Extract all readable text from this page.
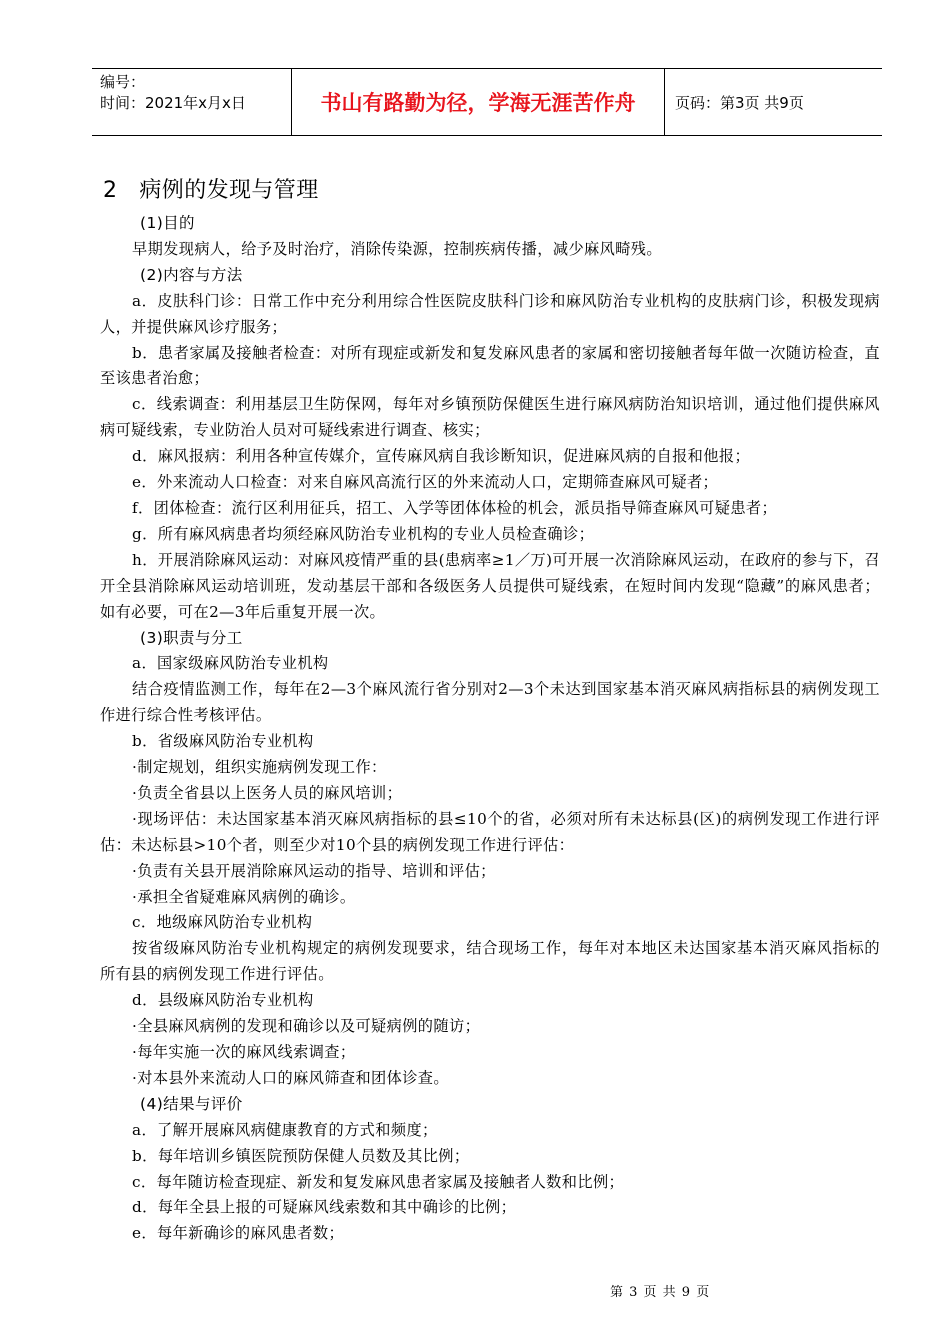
编号：
时间：2021年x月x日	书山有路勤为径，学海无涯苦作舟	页码：第3页 共9页
2 病例的发现与管理
(1)目的
早期发现病人，给予及时治疗，消除传染源，控制疾病传播，减少麻风畸残。
(2)内容与方法
a．皮肤科门诊：日常工作中充分利用综合性医院皮肤科门诊和麻风防治专业机构的皮肤病门诊，积极发现病人，并提供麻风诊疗服务；
b．患者家属及接触者检查：对所有现症或新发和复发麻风患者的家属和密切接触者每年做一次随访检查，直至该患者治愈；
c．线索调查：利用基层卫生防保网，每年对乡镇预防保健医生进行麻风病防治知识培训，通过他们提供麻风病可疑线索，专业防治人员对可疑线索进行调查、核实；
d．麻风报病：利用各种宣传媒介，宣传麻风病自我诊断知识，促进麻风病的自报和他报；
e．外来流动人口检查：对来自麻风高流行区的外来流动人口，定期筛查麻风可疑者；
f．团体检查：流行区利用征兵，招工、入学等团体体检的机会，派员指导筛查麻风可疑患者；
g．所有麻风病患者均须经麻风防治专业机构的专业人员检查确诊；
h．开展消除麻风运动：对麻风疫情严重的县(患病率≥1／万)可开展一次消除麻风运动，在政府的参与下，召开全县消除麻风运动培训班，发动基层干部和各级医务人员提供可疑线索，在短时间内发现“隐藏”的麻风患者；如有必要，可在2—3年后重复开展一次。
(3)职责与分工
a．国家级麻风防治专业机构
结合疫情监测工作，每年在2—3个麻风流行省分别对2—3个未达到国家基本消灭麻风病指标县的病例发现工作进行综合性考核评估。
b．省级麻风防治专业机构
·制定规划，组织实施病例发现工作：
·负责全省县以上医务人员的麻风培训；
·现场评估：未达国家基本消灭麻风病指标的县≤10个的省，必须对所有未达标县(区)的病例发现工作进行评估：未达标县>10个者，则至少对10个县的病例发现工作进行评估：
·负责有关县开展消除麻风运动的指导、培训和评估；
·承担全省疑难麻风病例的确诊。
c．地级麻风防治专业机构
按省级麻风防治专业机构规定的病例发现要求，结合现场工作，每年对本地区未达国家基本消灭麻风指标的所有县的病例发现工作进行评估。
d．县级麻风防治专业机构
·全县麻风病例的发现和确诊以及可疑病例的随访；
·每年实施一次的麻风线索调查；
·对本县外来流动人口的麻风筛查和团体诊查。
(4)结果与评价
a．了解开展麻风病健康教育的方式和频度；
b．每年培训乡镇医院预防保健人员数及其比例；
c．每年随访检查现症、新发和复发麻风患者家属及接触者人数和比例；
d．每年全县上报的可疑麻风线索数和其中确诊的比例；
e．每年新确诊的麻风患者数；
第 3 页 共 9 页
